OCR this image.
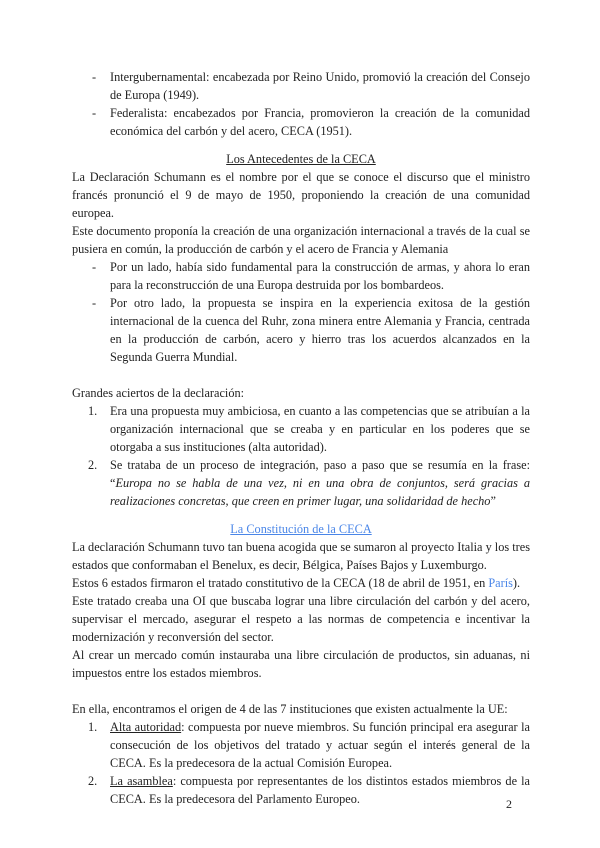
- Intergubernamental: encabezada por Reino Unido, promovió la creación del Consejo de Europa (1949).
- Federalista: encabezados por Francia, promovieron la creación de la comunidad económica del carbón y del acero, CECA (1951).

Los Antecedentes de la CECA

La Declaración Schumann es el nombre por el que se conoce el discurso que el ministro francés pronunció el 9 de mayo de 1950, proponiendo la creación de una comunidad europea.

Este documento proponía la creación de una organización internacional a través de la cual se pusiera en común, la producción de carbón y el acero de Francia y Alemania

- Por un lado, había sido fundamental para la construcción de armas, y ahora lo eran para la reconstrucción de una Europa destruida por los bombardeos.
- Por otro lado, la propuesta se inspira en la experiencia exitosa de la gestión internacional de la cuenca del Ruhr, zona minera entre Alemania y Francia, centrada en la producción de carbón, acero y hierro tras los acuerdos alcanzados en la Segunda Guerra Mundial.

Grandes aciertos de la declaración:

1. Era una propuesta muy ambiciosa, en cuanto a las competencias que se atribuían a la organización internacional que se creaba y en particular en los poderes que se otorgaba a sus instituciones (alta autoridad).
2. Se trataba de un proceso de integración, paso a paso que se resumía en la frase: “Europa no se habla de una vez, ni en una obra de conjuntos, será gracias a realizaciones concretas, que creen en primer lugar, una solidaridad de hecho”

La Constitución de la CECA

La declaración Schumann tuvo tan buena acogida que se sumaron al proyecto Italia y los tres estados que conformaban el Benelux, es decir, Bélgica, Países Bajos y Luxemburgo.

Estos 6 estados firmaron el tratado constitutivo de la CECA (18 de abril de 1951, en París).

Este tratado creaba una OI que buscaba lograr una libre circulación del carbón y del acero, supervisar el mercado, asegurar el respeto a las normas de competencia e incentivar la modernización y reconversión del sector.

Al crear un mercado común instauraba una libre circulación de productos, sin aduanas, ni impuestos entre los estados miembros.

En ella, encontramos el origen de 4 de las 7 instituciones que existen actualmente la UE:

1. Alta autoridad: compuesta por nueve miembros. Su función principal era asegurar la consecución de los objetivos del tratado y actuar según el interés general de la CECA. Es la predecesora de la actual Comisión Europea.
2. La asamblea: compuesta por representantes de los distintos estados miembros de la CECA. Es la predecesora del Parlamento Europeo.	2
